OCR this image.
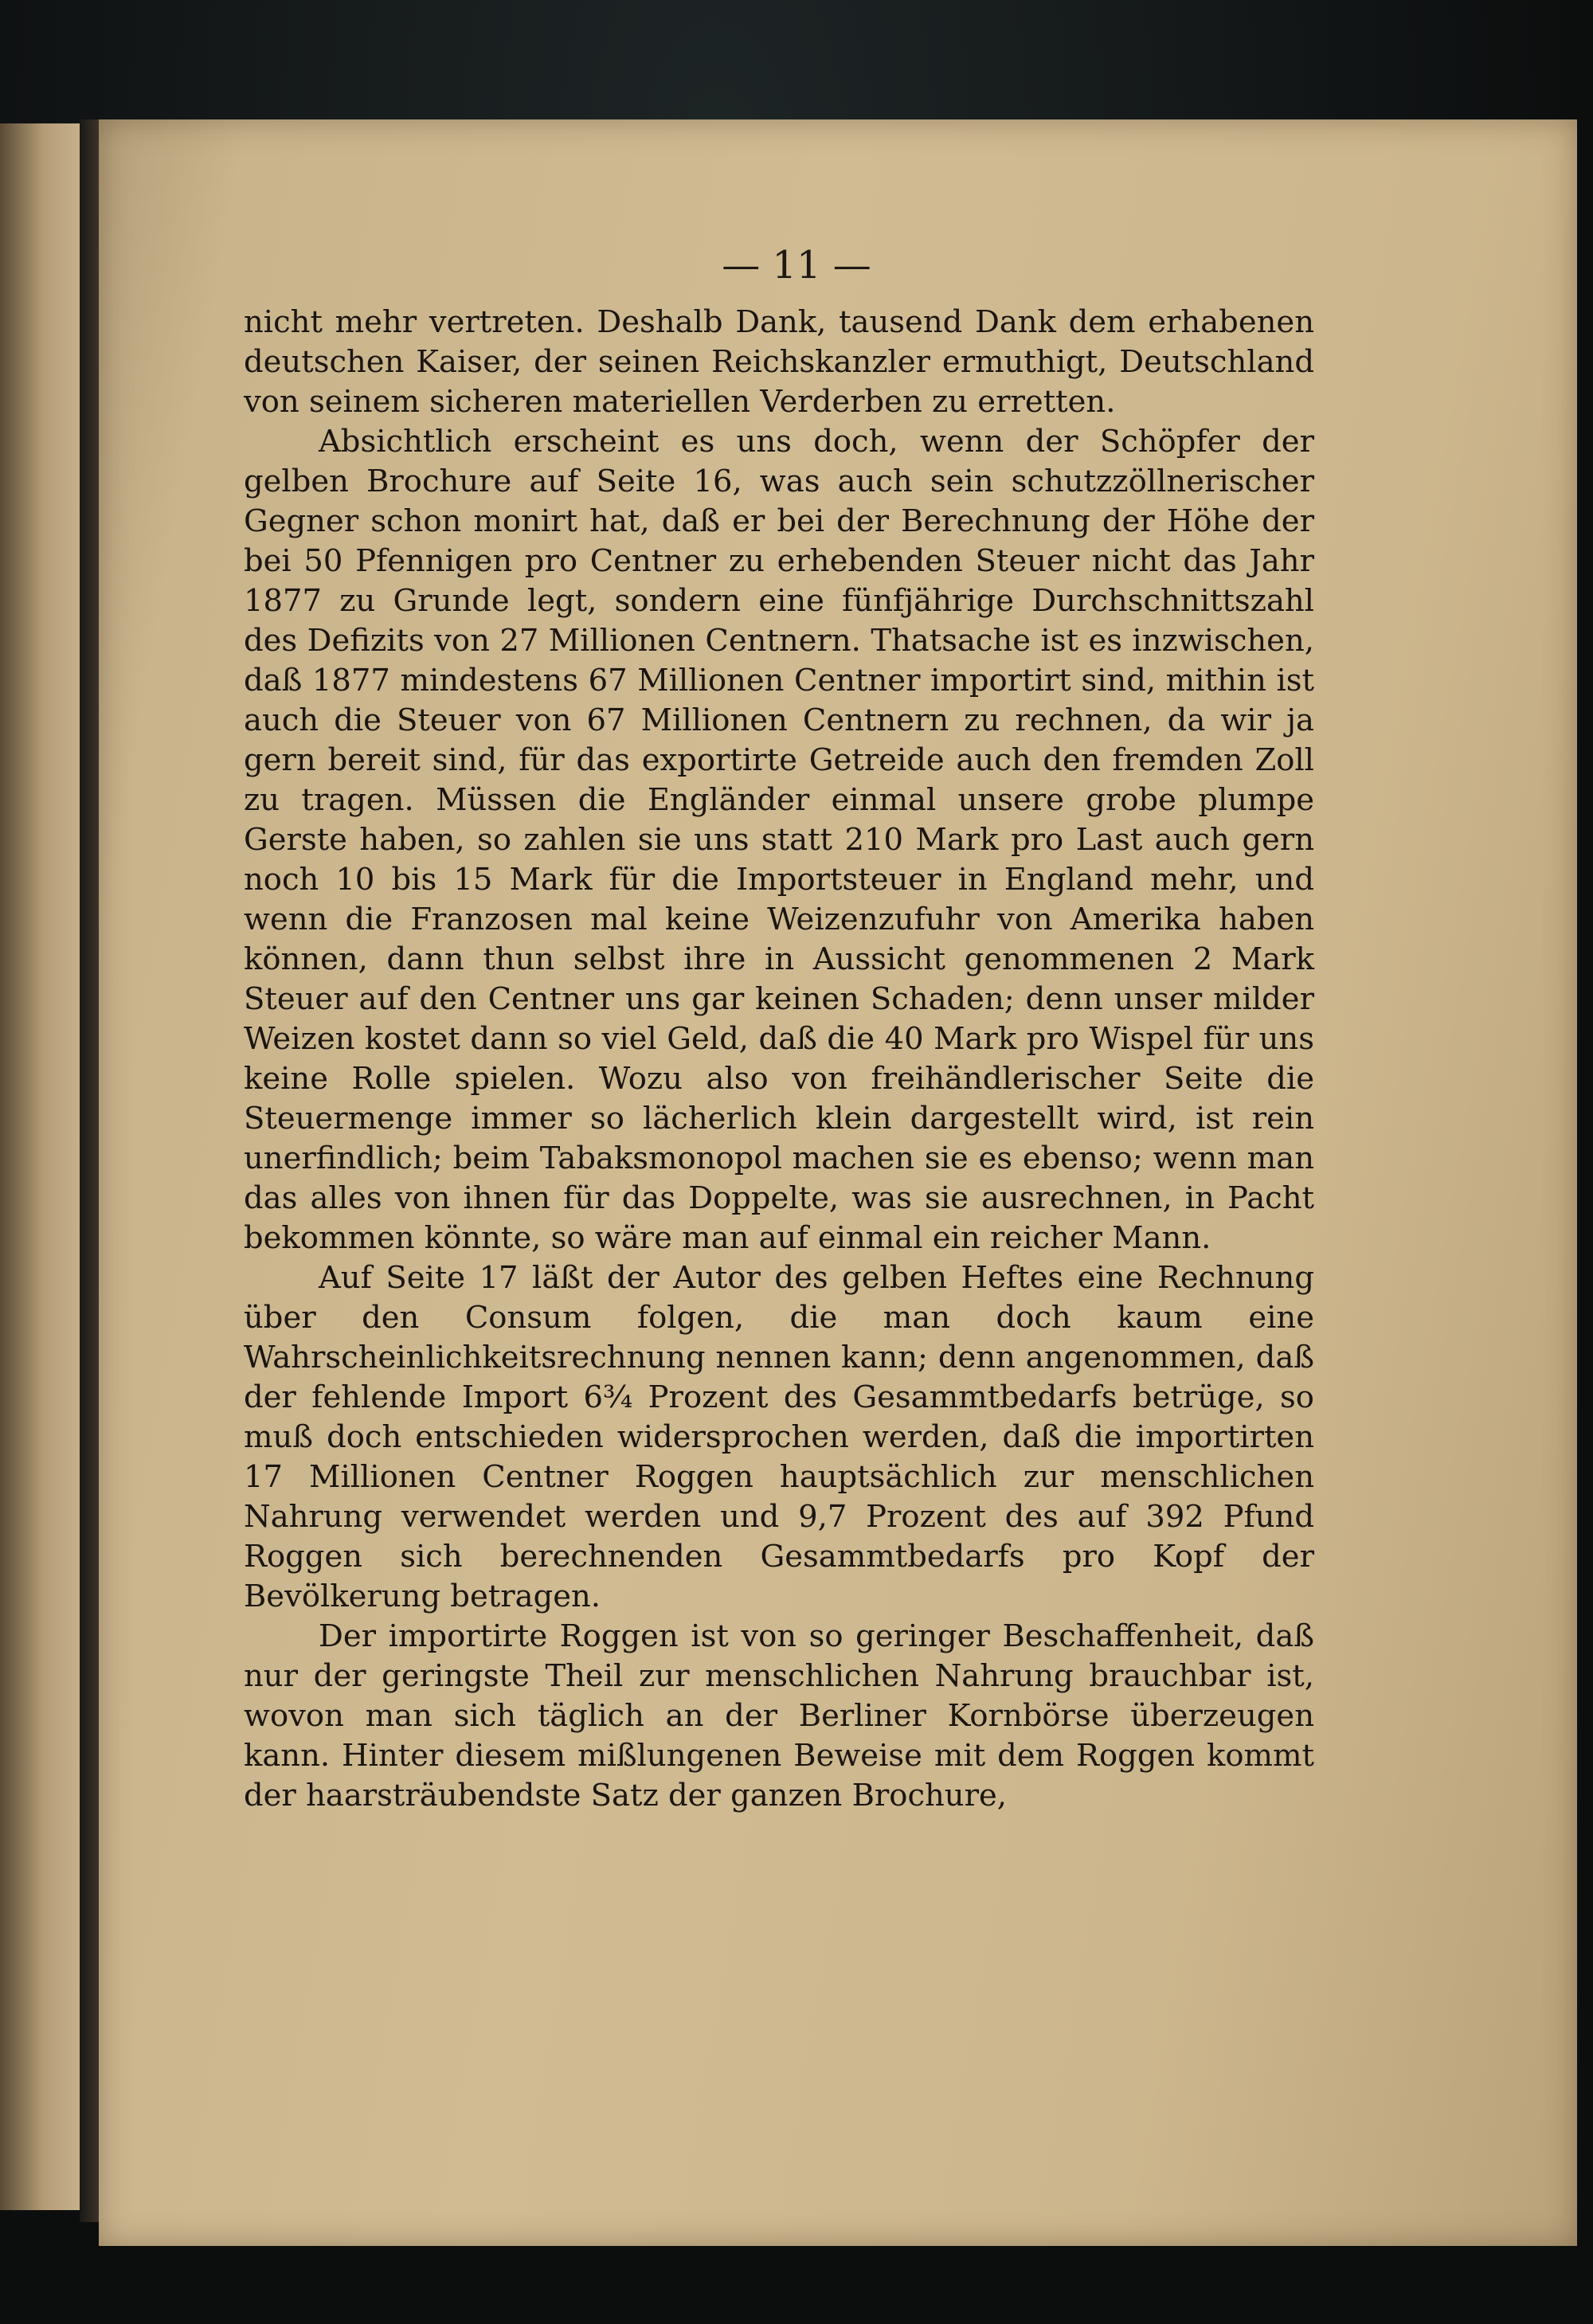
— 11 —

nicht mehr vertreten. Deshalb Dank, tausend Dank dem erhabenen deutschen Kaiser, der seinen Reichskanzler ermuthigt, Deutschland von seinem sicheren materiellen Verderben zu erretten.

Absichtlich erscheint es uns doch, wenn der Schöpfer der gelben Brochure auf Seite 16, was auch sein schutzzöllnerischer Gegner schon monirt hat, daß er bei der Berechnung der Höhe der bei 50 Pfennigen pro Centner zu erhebenden Steuer nicht das Jahr 1877 zu Grunde legt, sondern eine fünfjährige Durchschnittszahl des Defizits von 27 Millionen Centnern. Thatsache ist es inzwischen, daß 1877 mindestens 67 Millionen Centner importirt sind, mithin ist auch die Steuer von 67 Millionen Centnern zu rechnen, da wir ja gern bereit sind, für das exportirte Getreide auch den fremden Zoll zu tragen. Müssen die Engländer einmal unsere grobe plumpe Gerste haben, so zahlen sie uns statt 210 Mark pro Last auch gern noch 10 bis 15 Mark für die Importsteuer in England mehr, und wenn die Franzosen mal keine Weizenzufuhr von Amerika haben können, dann thun selbst ihre in Aussicht genommenen 2 Mark Steuer auf den Centner uns gar keinen Schaden; denn unser milder Weizen kostet dann so viel Geld, daß die 40 Mark pro Wispel für uns keine Rolle spielen. Wozu also von freihändlerischer Seite die Steuermenge immer so lächerlich klein dargestellt wird, ist rein unerfindlich; beim Tabaksmonopol machen sie es ebenso; wenn man das alles von ihnen für das Doppelte, was sie ausrechnen, in Pacht bekommen könnte, so wäre man auf einmal ein reicher Mann.

Auf Seite 17 läßt der Autor des gelben Heftes eine Rechnung über den Consum folgen, die man doch kaum eine Wahrscheinlichkeitsrechnung nennen kann; denn angenommen, daß der fehlende Import 6¾ Prozent des Gesammtbedarfs betrüge, so muß doch entschieden widersprochen werden, daß die importirten 17 Millionen Centner Roggen hauptsächlich zur menschlichen Nahrung verwendet werden und 9,7 Prozent des auf 392 Pfund Roggen sich berechnenden Gesammtbedarfs pro Kopf der Bevölkerung betragen.

Der importirte Roggen ist von so geringer Beschaffenheit, daß nur der geringste Theil zur menschlichen Nahrung brauchbar ist, wovon man sich täglich an der Berliner Kornbörse überzeugen kann. Hinter diesem mißlungenen Beweise mit dem Roggen kommt der haarsträubendste Satz der ganzen Brochure,
